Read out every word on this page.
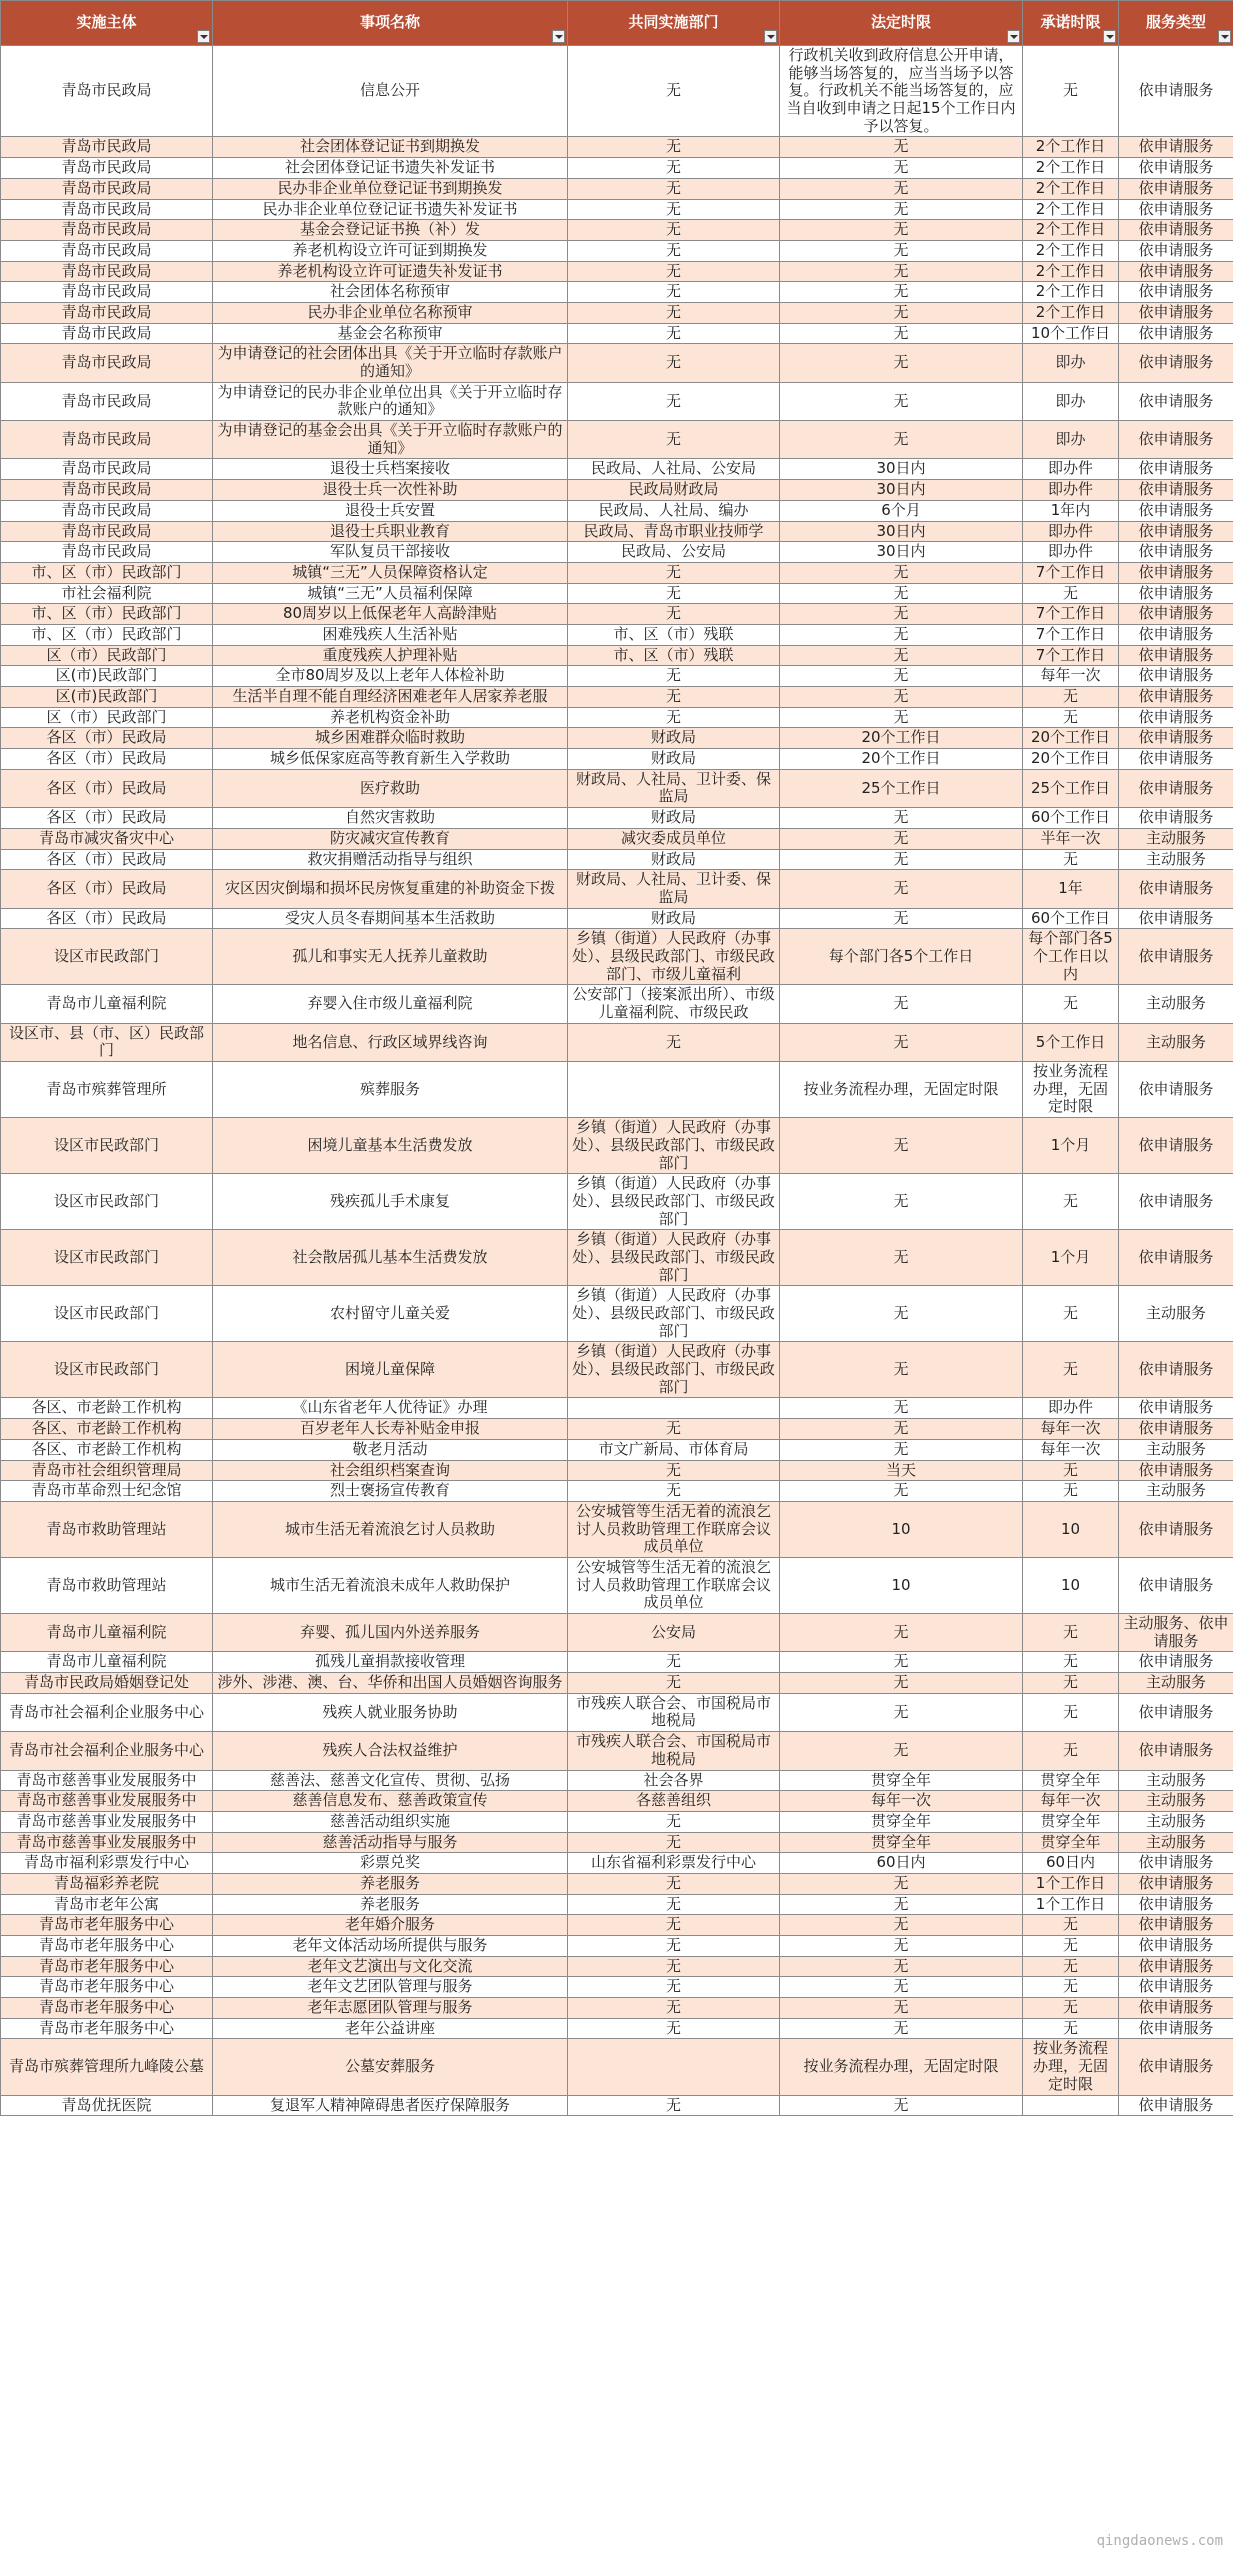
实施主体	事项名称	共同实施部门	法定时限	承诺时限	服务类型

青岛市民政局	信息公开	无	行政机关收到政府信息公开申请，能够当场答复的，应当当场予以答复。行政机关不能当场答复的，应当自收到申请之日起15个工作日内予以答复。	无	依申请服务
青岛市民政局	社会团体登记证书到期换发	无	无	2个工作日	依申请服务
青岛市民政局	社会团体登记证书遗失补发证书	无	无	2个工作日	依申请服务
青岛市民政局	民办非企业单位登记证书到期换发	无	无	2个工作日	依申请服务
青岛市民政局	民办非企业单位登记证书遗失补发证书	无	无	2个工作日	依申请服务
青岛市民政局	基金会登记证书换（补）发	无	无	2个工作日	依申请服务
青岛市民政局	养老机构设立许可证到期换发	无	无	2个工作日	依申请服务
青岛市民政局	养老机构设立许可证遗失补发证书	无	无	2个工作日	依申请服务
青岛市民政局	社会团体名称预审	无	无	2个工作日	依申请服务
青岛市民政局	民办非企业单位名称预审	无	无	2个工作日	依申请服务
青岛市民政局	基金会名称预审	无	无	10个工作日	依申请服务
青岛市民政局	为申请登记的社会团体出具《关于开立临时存款账户的通知》	无	无	即办	依申请服务
青岛市民政局	为申请登记的民办非企业单位出具《关于开立临时存款账户的通知》	无	无	即办	依申请服务
青岛市民政局	为申请登记的基金会出具《关于开立临时存款账户的通知》	无	无	即办	依申请服务
青岛市民政局	退役士兵档案接收	民政局、人社局、公安局	30日内	即办件	依申请服务
青岛市民政局	退役士兵一次性补助	民政局财政局	30日内	即办件	依申请服务
青岛市民政局	退役士兵安置	民政局、人社局、编办	6个月	1年内	依申请服务
青岛市民政局	退役士兵职业教育	民政局、青岛市职业技师学	30日内	即办件	依申请服务
青岛市民政局	军队复员干部接收	民政局、公安局	30日内	即办件	依申请服务
市、区（市）民政部门	城镇“三无”人员保障资格认定	无	无	7个工作日	依申请服务
市社会福利院	城镇“三无”人员福利保障	无	无	无	依申请服务
市、区（市）民政部门	80周岁以上低保老年人高龄津贴	无	无	7个工作日	依申请服务
市、区（市）民政部门	困难残疾人生活补贴	市、区（市）残联	无	7个工作日	依申请服务
区（市）民政部门	重度残疾人护理补贴	市、区（市）残联	无	7个工作日	依申请服务
区(市)民政部门	全市80周岁及以上老年人体检补助	无	无	每年一次	依申请服务
区(市)民政部门	生活半自理不能自理经济困难老年人居家养老服	无	无	无	依申请服务
区（市）民政部门	养老机构资金补助	无	无	无	依申请服务
各区（市）民政局	城乡困难群众临时救助	财政局	20个工作日	20个工作日	依申请服务
各区（市）民政局	城乡低保家庭高等教育新生入学救助	财政局	20个工作日	20个工作日	依申请服务
各区（市）民政局	医疗救助	财政局、人社局、卫计委、保监局	25个工作日	25个工作日	依申请服务
各区（市）民政局	自然灾害救助	财政局	无	60个工作日	依申请服务
青岛市减灾备灾中心	防灾减灾宣传教育	减灾委成员单位	无	半年一次	主动服务
各区（市）民政局	救灾捐赠活动指导与组织	财政局	无	无	主动服务
各区（市）民政局	灾区因灾倒塌和损坏民房恢复重建的补助资金下拨	财政局、人社局、卫计委、保监局	无	1年	依申请服务
各区（市）民政局	受灾人员冬春期间基本生活救助	财政局	无	60个工作日	依申请服务
设区市民政部门	孤儿和事实无人抚养儿童救助	乡镇（街道）人民政府（办事处）、县级民政部门、市级民政部门、市级儿童福利	每个部门各5个工作日	每个部门各5个工作日以内	依申请服务
青岛市儿童福利院	弃婴入住市级儿童福利院	公安部门（接案派出所）、市级儿童福利院、市级民政	无	无	主动服务
设区市、县（市、区）民政部门	地名信息、行政区域界线咨询	无	无	5个工作日	主动服务
青岛市殡葬管理所	殡葬服务		按业务流程办理，无固定时限	按业务流程办理，无固定时限	依申请服务
设区市民政部门	困境儿童基本生活费发放	乡镇（街道）人民政府（办事处）、县级民政部门、市级民政部门	无	1个月	依申请服务
设区市民政部门	残疾孤儿手术康复	乡镇（街道）人民政府（办事处）、县级民政部门、市级民政部门	无	无	依申请服务
设区市民政部门	社会散居孤儿基本生活费发放	乡镇（街道）人民政府（办事处）、县级民政部门、市级民政部门	无	1个月	依申请服务
设区市民政部门	农村留守儿童关爱	乡镇（街道）人民政府（办事处）、县级民政部门、市级民政部门	无	无	主动服务
设区市民政部门	困境儿童保障	乡镇（街道）人民政府（办事处）、县级民政部门、市级民政部门	无	无	依申请服务
各区、市老龄工作机构	《山东省老年人优待证》办理		无	即办件	依申请服务
各区、市老龄工作机构	百岁老年人长寿补贴金申报	无	无	每年一次	依申请服务
各区、市老龄工作机构	敬老月活动	市文广新局、市体育局	无	每年一次	主动服务
青岛市社会组织管理局	社会组织档案查询	无	当天	无	依申请服务
青岛市革命烈士纪念馆	烈士褒扬宣传教育	无	无	无	主动服务
青岛市救助管理站	城市生活无着流浪乞讨人员救助	公安城管等生活无着的流浪乞讨人员救助管理工作联席会议成员单位	10	10	依申请服务
青岛市救助管理站	城市生活无着流浪未成年人救助保护	公安城管等生活无着的流浪乞讨人员救助管理工作联席会议成员单位	10	10	依申请服务
青岛市儿童福利院	弃婴、孤儿国内外送养服务	公安局	无	无	主动服务、依申请服务
青岛市儿童福利院	孤残儿童捐款接收管理	无	无	无	依申请服务
青岛市民政局婚姻登记处	涉外、涉港、澳、台、华侨和出国人员婚姻咨询服务	无	无	无	主动服务
青岛市社会福利企业服务中心	残疾人就业服务协助	市残疾人联合会、市国税局市地税局	无	无	依申请服务
青岛市社会福利企业服务中心	残疾人合法权益维护	市残疾人联合会、市国税局市地税局	无	无	依申请服务
青岛市慈善事业发展服务中	慈善法、慈善文化宣传、贯彻、弘扬	社会各界	贯穿全年	贯穿全年	主动服务
青岛市慈善事业发展服务中	慈善信息发布、慈善政策宣传	各慈善组织	每年一次	每年一次	主动服务
青岛市慈善事业发展服务中	慈善活动组织实施	无	贯穿全年	贯穿全年	主动服务
青岛市慈善事业发展服务中	慈善活动指导与服务	无	贯穿全年	贯穿全年	主动服务
青岛市福利彩票发行中心	彩票兑奖	山东省福利彩票发行中心	60日内	60日内	依申请服务
青岛福彩养老院	养老服务	无	无	1个工作日	依申请服务
青岛市老年公寓	养老服务	无	无	1个工作日	依申请服务
青岛市老年服务中心	老年婚介服务	无	无	无	依申请服务
青岛市老年服务中心	老年文体活动场所提供与服务	无	无	无	依申请服务
青岛市老年服务中心	老年文艺演出与文化交流	无	无	无	依申请服务
青岛市老年服务中心	老年文艺团队管理与服务	无	无	无	依申请服务
青岛市老年服务中心	老年志愿团队管理与服务	无	无	无	依申请服务
青岛市老年服务中心	老年公益讲座	无	无	无	依申请服务
青岛市殡葬管理所九峰陵公墓	公墓安葬服务		按业务流程办理，无固定时限	按业务流程办理，无固定时限	依申请服务
青岛优抚医院	复退军人精神障碍患者医疗保障服务	无	无		依申请服务
qingdaonews.com
